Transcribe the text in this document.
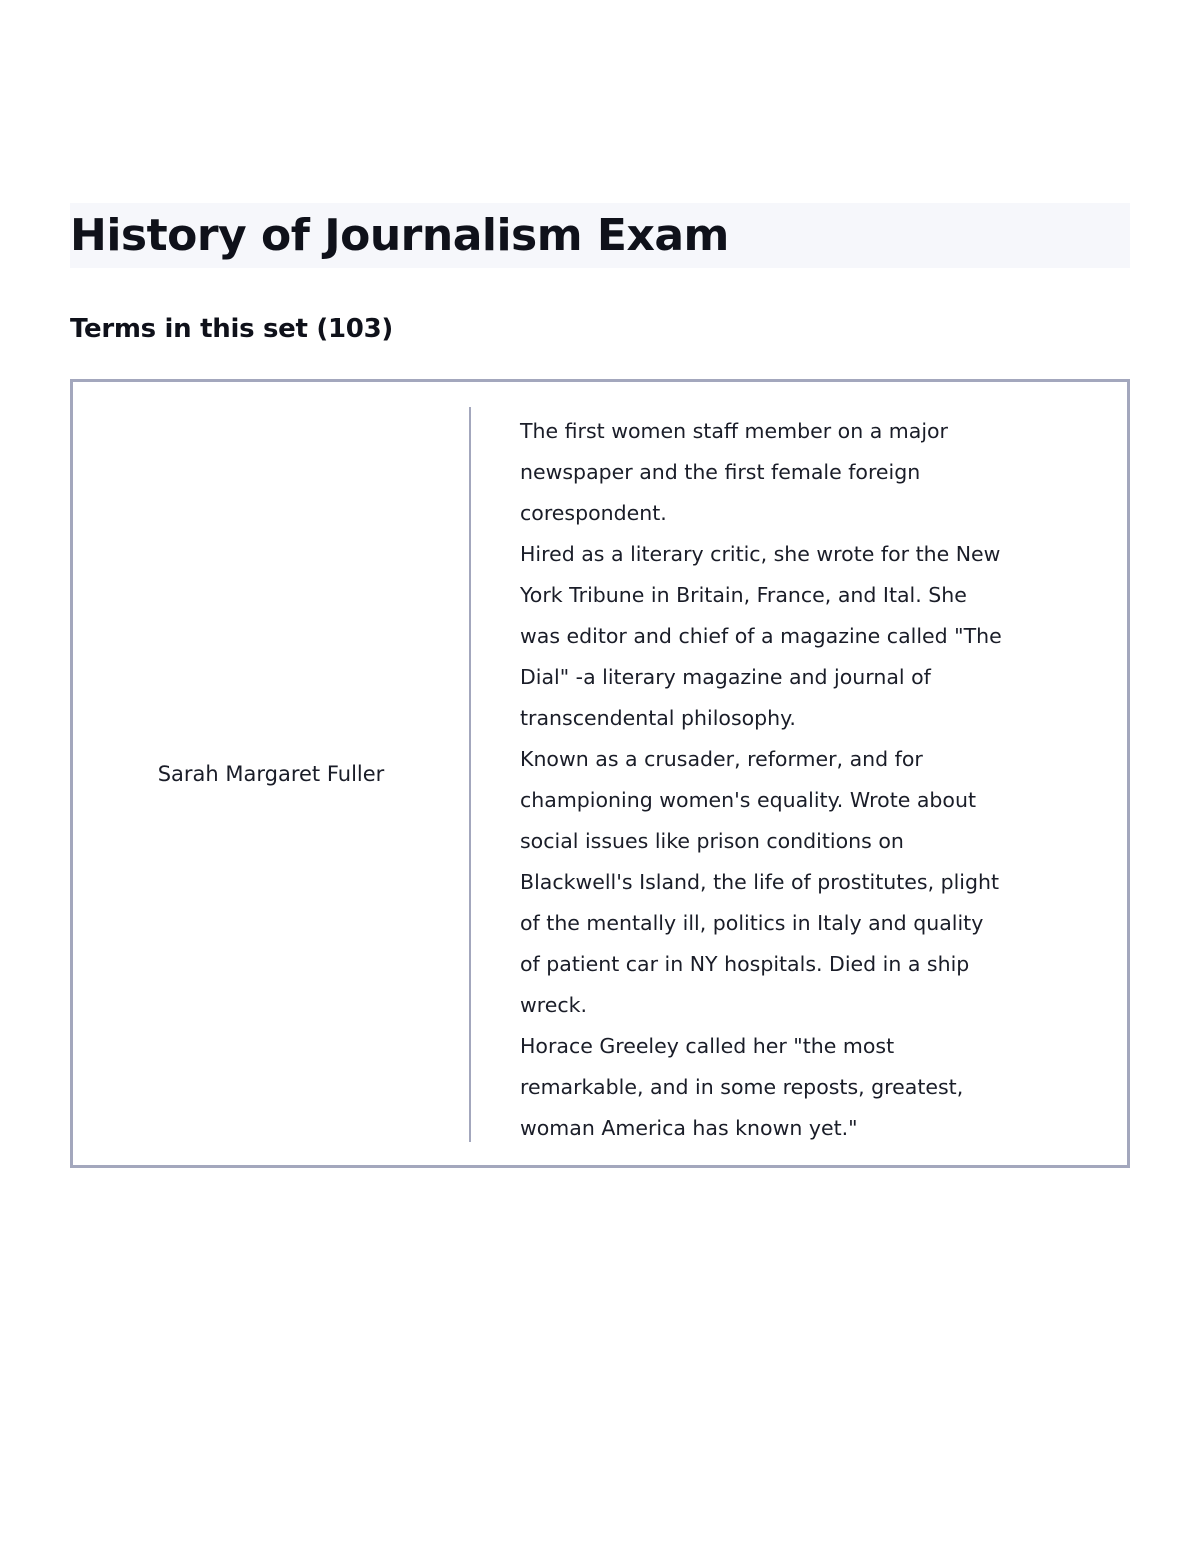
History of Journalism Exam
Terms in this set (103)
Sarah Margaret Fuller
The first women staff member on a major
newspaper and the first female foreign
corespondent.
Hired as a literary critic, she wrote for the New
York Tribune in Britain, France, and Ital. She
was editor and chief of a magazine called "The
Dial" -a literary magazine and journal of
transcendental philosophy.
Known as a crusader, reformer, and for
championing women's equality. Wrote about
social issues like prison conditions on
Blackwell's Island, the life of prostitutes, plight
of the mentally ill, politics in Italy and quality
of patient car in NY hospitals. Died in a ship
wreck.
Horace Greeley called her "the most
remarkable, and in some reposts, greatest,
woman America has known yet."
